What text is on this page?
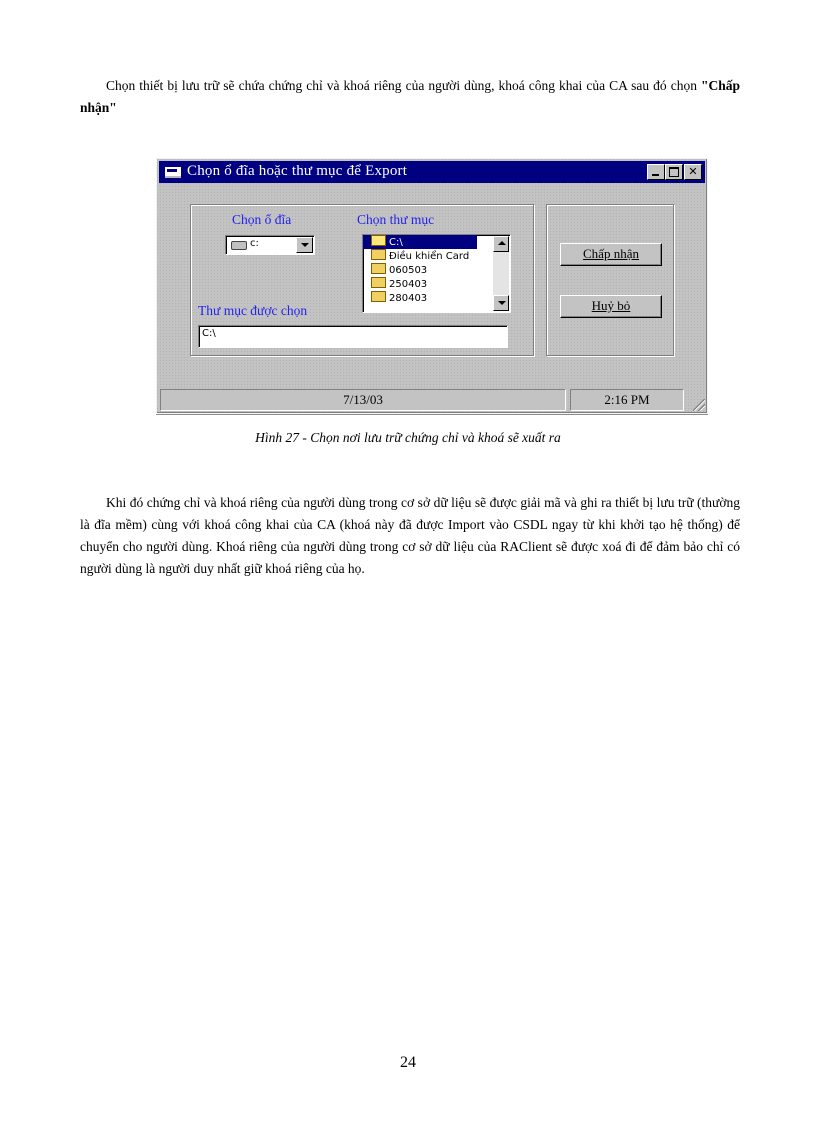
Chọn thiết bị lưu trữ sẽ chứa chứng chỉ và khoá riêng của người dùng, khoá công khai của CA sau đó chọn "Chấp nhận"

Chọn ổ đĩa hoặc thư mục để Export	✕
Chọn ổ đĩa
c:
Chọn thư mục
C:\
Điều khiển Card
060503
250403
280403
Thư mục được chọn
C:\
Chấp nhận
Huỷ bỏ
7/13/03	2:16 PM
Hình 27 - Chọn nơi lưu trữ chứng chỉ và khoá sẽ xuất ra

Khi đó chứng chỉ và khoá riêng của người dùng trong cơ sở dữ liệu sẽ được giải mã và ghi ra thiết bị lưu trữ (thường là đĩa mềm) cùng với khoá công khai của CA (khoá này đã được Import vào CSDL ngay từ khi khởi tạo hệ thống) để chuyển cho người dùng. Khoá riêng của người dùng trong cơ sở dữ liệu của RAClient sẽ được xoá đi để đảm bảo chỉ có người dùng là người duy nhất giữ khoá riêng của họ.

24
